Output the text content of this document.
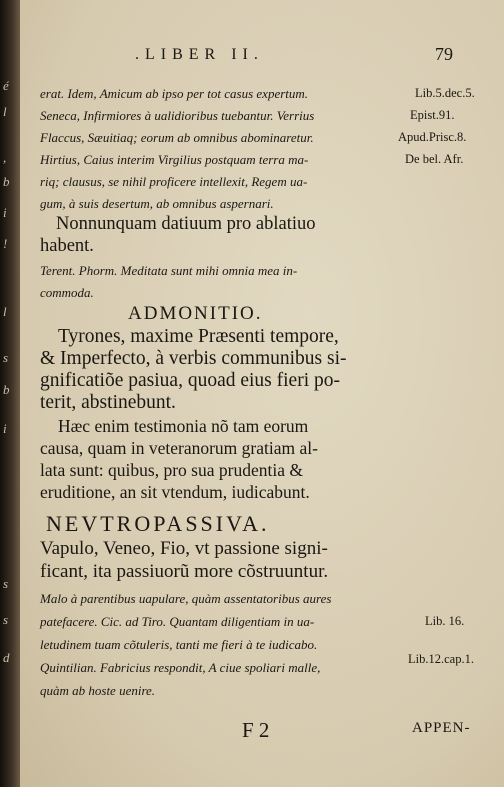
.LIBER II.	79
erat. Idem, Amicum ab ipso per tot casus expertum.	Lib.5.dec.5.
Seneca, Infirmiores à ualidioribus tuebantur. Verrius	Epist.91.
Flaccus, Sæuitiaq; eorum ab omnibus abominaretur.	Apud.Prisc.8.
Hirtius, Caius interim Virgilius postquam terra ma-	De bel. Afr.
riq; clausus, se nihil proficere intellexit, Regem ua-
gum, à suis desertum, ab omnibus aspernari.
Nonnunquam datiuum pro ablatiuo
habent.
Terent. Phorm. Meditata sunt mihi omnia mea in-
commoda.
ADMONITIO.
Tyrones, maxime Præsenti tempore,
& Imperfecto, à verbis communibus si-
gnificatiõe pasiua, quoad eius fieri po-
terit, abstinebunt.
Hæc enim testimonia nõ tam eorum
causa, quam in veteranorum gratiam al-
lata sunt: quibus, pro sua prudentia &
eruditione, an sit vtendum, iudicabunt.
NEVTROPASSIVA.
Vapulo, Veneo, Fio, vt passione signi-
ficant, ita passiuorũ more cõstruuntur.
Malo à parentibus uapulare, quàm assentatoribus aures
patefacere. Cic. ad Tiro. Quantam diligentiam in ua-	Lib. 16.
letudinem tuam cõtuleris, tanti me fieri à te iudicabo.
Quintilian. Fabricius respondit, A ciue spoliari malle,
Lib.12.cap.1.
quàm ab hoste uenire.
F 2	APPEN-
é
l
,
b
i
!
l
s
b
i
s
s
d
